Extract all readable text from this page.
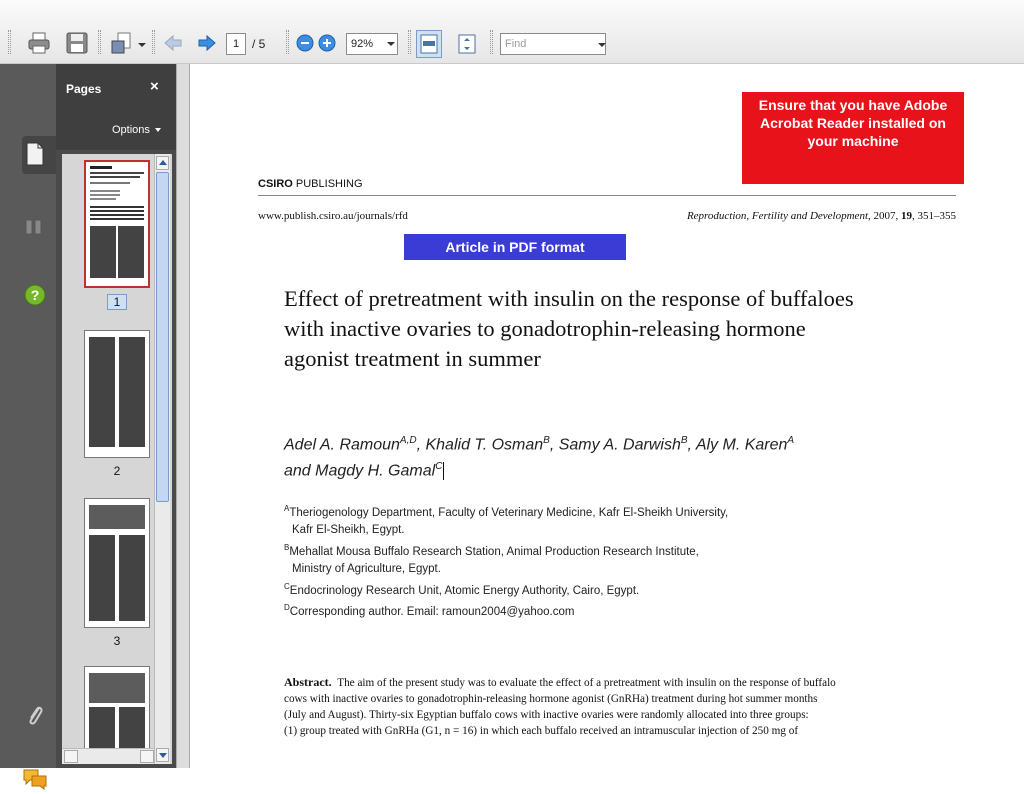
1	/ 5	92%	Find
?
Pages	×
Options
1
2
3
Ensure that you have Adobe Acrobat Reader installed on your machine
CSIRO PUBLISHING
www.publish.csiro.au/journals/rfd	Reproduction, Fertility and Development, 2007, 19, 351–355
Article in PDF format
Effect of pretreatment with insulin on the response of buffaloes
with inactive ovaries to gonadotrophin-releasing hormone
agonist treatment in summer
Adel A. Ramoun$^{A,D}$, Khalid T. Osman$^B$, Samy A. Darwish$^B$, Aly M. Karen$^A$
and Magdy H. Gamal$^C$
$^A$Theriogenology Department, Faculty of Veterinary Medicine, Kafr El-Sheikh University,
Kafr El-Sheikh, Egypt.
$^B$Mehallat Mousa Buffalo Research Station, Animal Production Research Institute,
Ministry of Agriculture, Egypt.
$^C$Endocrinology Research Unit, Atomic Energy Authority, Cairo, Egypt.
$^D$Corresponding author. Email: ramoun2004@yahoo.com
Abstract. The aim of the present study was to evaluate the effect of a pretreatment with insulin on the response of buffalo
cows with inactive ovaries to gonadotrophin-releasing hormone agonist (GnRHa) treatment during hot summer months
(July and August). Thirty-six Egyptian buffalo cows with inactive ovaries were randomly allocated into three groups:
(1) group treated with GnRHa (G1, n = 16) in which each buffalo received an intramuscular injection of 250 mg of
